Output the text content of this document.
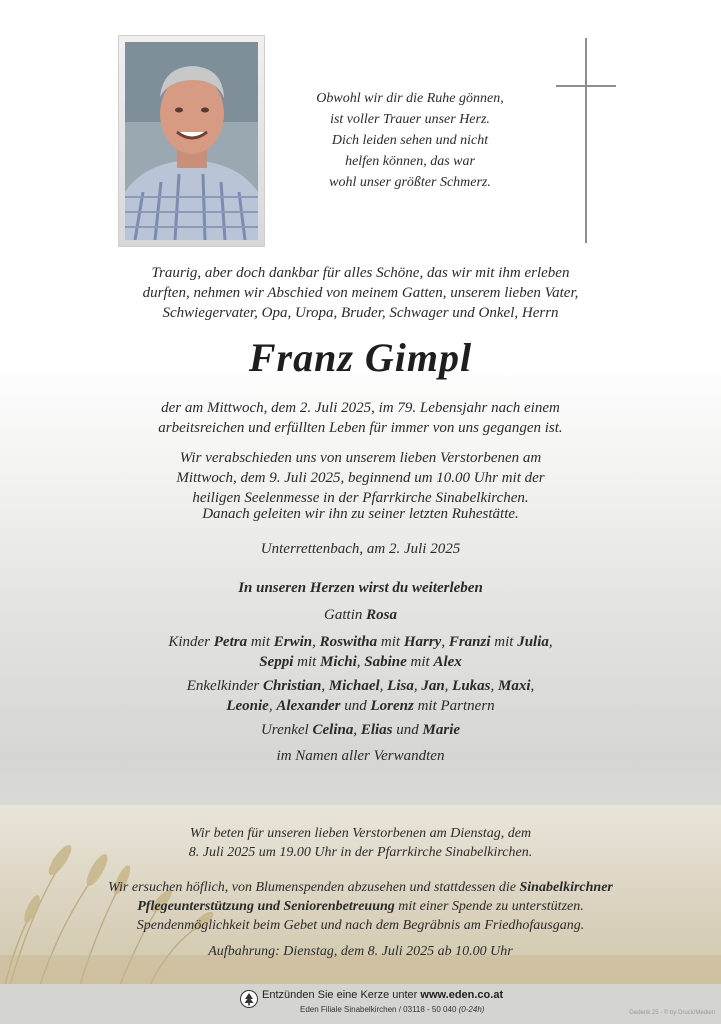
Obwohl wir dir die Ruhe gönnen,
ist voller Trauer unser Herz.
Dich leiden sehen und nicht
helfen können, das war
wohl unser größter Schmerz.
Traurig, aber doch dankbar für alles Schöne, das wir mit ihm erleben
durften, nehmen wir Abschied von meinem Gatten, unserem lieben Vater,
Schwiegervater, Opa, Uropa, Bruder, Schwager und Onkel, Herrn
Franz Gimpl
der am Mittwoch, dem 2. Juli 2025, im 79. Lebensjahr nach einem
arbeitsreichen und erfüllten Leben für immer von uns gegangen ist.
Wir verabschieden uns von unserem lieben Verstorbenen am
Mittwoch, dem 9. Juli 2025, beginnend um 10.00 Uhr mit der
heiligen Seelenmesse in der Pfarrkirche Sinabelkirchen.
Danach geleiten wir ihn zu seiner letzten Ruhestätte.
Unterrettenbach, am 2. Juli 2025
In unseren Herzen wirst du weiterleben
Gattin Rosa
Kinder Petra mit Erwin, Roswitha mit Harry, Franzi mit Julia,
Seppi mit Michi, Sabine mit Alex
Enkelkinder Christian, Michael, Lisa, Jan, Lukas, Maxi,
Leonie, Alexander und Lorenz mit Partnern
Urenkel Celina, Elias und Marie
im Namen aller Verwandten
Wir beten für unseren lieben Verstorbenen am Dienstag, dem
8. Juli 2025 um 19.00 Uhr in der Pfarrkirche Sinabelkirchen.
Wir ersuchen höflich, von Blumenspenden abzusehen und stattdessen die Sinabelkirchner
Pflegeunterstützung und Seniorenbetreuung mit einer Spende zu unterstützen.
Spendenmöglichkeit beim Gebet und nach dem Begräbnis am Friedhofausgang.
Aufbahrung: Dienstag, dem 8. Juli 2025 ab 10.00 Uhr
Entzünden Sie eine Kerze unter www.eden.co.at
Eden Filiale Sinabelkirchen / 03118 - 50 040 (0-24h)	Gedenk 25 · © by Druck/Medien
